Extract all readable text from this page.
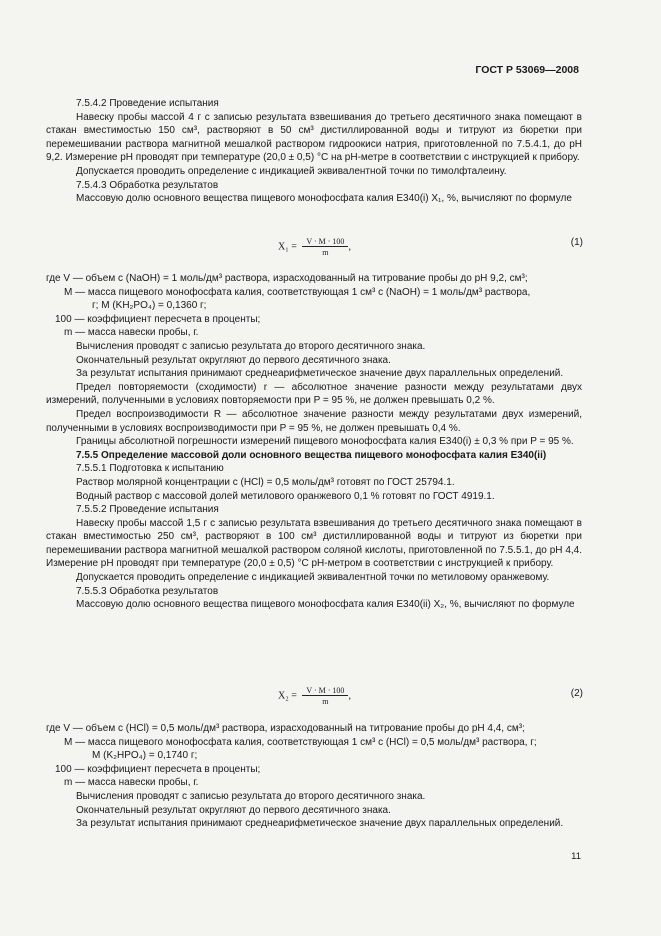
ГОСТ Р 53069—2008

7.5.4.2 Проведение испытания

Навеску пробы массой 4 г с записью результата взвешивания до третьего десятичного знака помещают в стакан вместимостью 150 см³, растворяют в 50 см³ дистиллированной воды и титруют из бюретки при перемешивании раствора магнитной мешалкой раствором гидроокиси натрия, приготовленной по 7.5.4.1, до pH 9,2. Измерение pH проводят при температуре (20,0 ± 0,5) °С на pH-метре в соответствии с инструкцией к прибору.

Допускается проводить определение с индикацией эквивалентной точки по тимолфталеину.

7.5.4.3 Обработка результатов

Массовую долю основного вещества пищевого монофосфата калия Е340(i) X₁, %, вычисляют по формуле

$X_1 = \frac{V \cdot M \cdot 100}{m}$ ,	(1)

где V — объем с (NaOH) = 1 моль/дм³ раствора, израсходованный на титрование пробы до pH 9,2, см³;

M — масса пищевого монофосфата калия, соответствующая 1 см³ с (NaOH) = 1 моль/дм³ раствора,

г; M (KH₂PO₄) = 0,1360 г;

100 — коэффициент пересчета в проценты;

m — масса навески пробы, г.

Вычисления проводят с записью результата до второго десятичного знака.

Окончательный результат округляют до первого десятичного знака.

За результат испытания принимают среднеарифметическое значение двух параллельных определений.

Предел повторяемости (сходимости) r — абсолютное значение разности между результатами двух измерений, полученными в условиях повторяемости при P = 95 %, не должен превышать 0,2 %.

Предел воспроизводимости R — абсолютное значение разности между результатами двух измерений, полученными в условиях воспроизводимости при P = 95 %, не должен превышать 0,4 %.

Границы абсолютной погрешности измерений пищевого монофосфата калия Е340(i) ± 0,3 % при P = 95 %.

7.5.5 Определение массовой доли основного вещества пищевого монофосфата калия Е340(ii)

7.5.5.1 Подготовка к испытанию

Раствор молярной концентрации с (HCl) = 0,5 моль/дм³ готовят по ГОСТ 25794.1.

Водный раствор с массовой долей метилового оранжевого 0,1 % готовят по ГОСТ 4919.1.

7.5.5.2 Проведение испытания

Навеску пробы массой 1,5 г с записью результата взвешивания до третьего десятичного знака помещают в стакан вместимостью 250 см³, растворяют в 100 см³ дистиллированной воды и титруют из бюретки при перемешивании раствора магнитной мешалкой раствором соляной кислоты, приготовленной по 7.5.5.1, до pH 4,4. Измерение pH проводят при температуре (20,0 ± 0,5) °С pH-метром в соответствии с инструкцией к прибору.

Допускается проводить определение с индикацией эквивалентной точки по метиловому оранжевому.

7.5.5.3 Обработка результатов

Массовую долю основного вещества пищевого монофосфата калия Е340(ii) X₂, %, вычисляют по формуле

$X_2 = \frac{V \cdot M \cdot 100}{m}$ ,	(2)

где V — объем с (HCl) = 0,5 моль/дм³ раствора, израсходованный на титрование пробы до pH 4,4, см³;

M — масса пищевого монофосфата калия, соответствующая 1 см³ с (HCl) = 0,5 моль/дм³ раствора, г;

M (K₂HPO₄) = 0,1740 г;

100 — коэффициент пересчета в проценты;

m — масса навески пробы, г.

Вычисления проводят с записью результата до второго десятичного знака.

Окончательный результат округляют до первого десятичного знака.

За результат испытания принимают среднеарифметическое значение двух параллельных определений.

11
